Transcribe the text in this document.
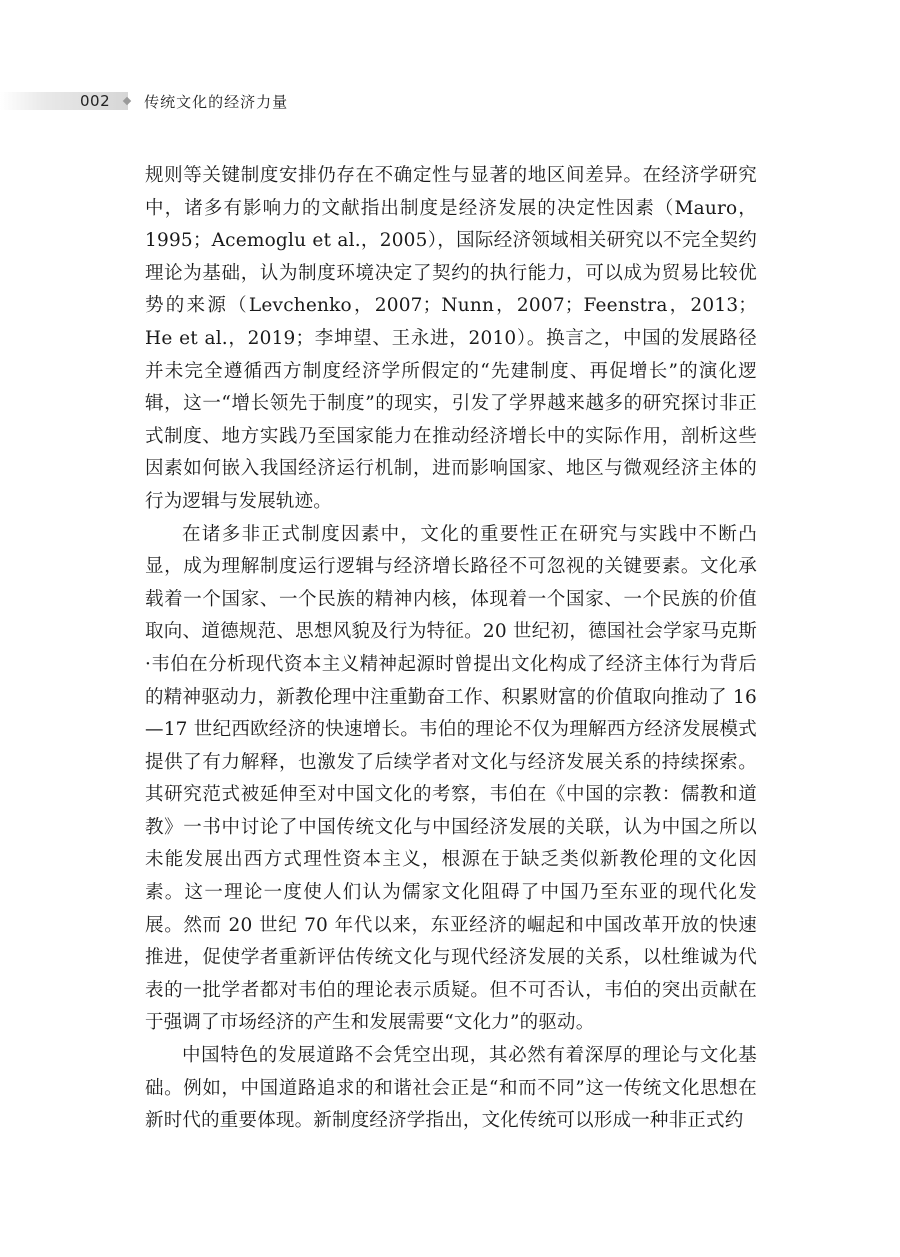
002 传统文化的经济力量

规则等关键制度安排仍存在不确定性与显著的地区间差异。在经济学研究中，诸多有影响力的文献指出制度是经济发展的决定性因素（Mauro，1995；Acemoglu et al.，2005），国际经济领域相关研究以不完全契约理论为基础，认为制度环境决定了契约的执行能力，可以成为贸易比较优势的来源（Levchenko，2007；Nunn，2007；Feenstra，2013；He et al.，2019；李坤望、王永进，2010）。换言之，中国的发展路径并未完全遵循西方制度经济学所假定的“先建制度、再促增长”的演化逻辑，这一“增长领先于制度”的现实，引发了学界越来越多的研究探讨非正式制度、地方实践乃至国家能力在推动经济增长中的实际作用，剖析这些因素如何嵌入我国经济运行机制，进而影响国家、地区与微观经济主体的行为逻辑与发展轨迹。

在诸多非正式制度因素中，文化的重要性正在研究与实践中不断凸显，成为理解制度运行逻辑与经济增长路径不可忽视的关键要素。文化承载着一个国家、一个民族的精神内核，体现着一个国家、一个民族的价值取向、道德规范、思想风貌及行为特征。20 世纪初，德国社会学家马克斯·韦伯在分析现代资本主义精神起源时曾提出文化构成了经济主体行为背后的精神驱动力，新教伦理中注重勤奋工作、积累财富的价值取向推动了 16—17 世纪西欧经济的快速增长。韦伯的理论不仅为理解西方经济发展模式提供了有力解释，也激发了后续学者对文化与经济发展关系的持续探索。其研究范式被延伸至对中国文化的考察，韦伯在《中国的宗教：儒教和道教》一书中讨论了中国传统文化与中国经济发展的关联，认为中国之所以未能发展出西方式理性资本主义，根源在于缺乏类似新教伦理的文化因素。这一理论一度使人们认为儒家文化阻碍了中国乃至东亚的现代化发展。然而 20 世纪 70 年代以来，东亚经济的崛起和中国改革开放的快速推进，促使学者重新评估传统文化与现代经济发展的关系，以杜维诚为代表的一批学者都对韦伯的理论表示质疑。但不可否认，韦伯的突出贡献在于强调了市场经济的产生和发展需要“文化力”的驱动。

中国特色的发展道路不会凭空出现，其必然有着深厚的理论与文化基础。例如，中国道路追求的和谐社会正是“和而不同”这一传统文化思想在新时代的重要体现。新制度经济学指出，文化传统可以形成一种非正式约
